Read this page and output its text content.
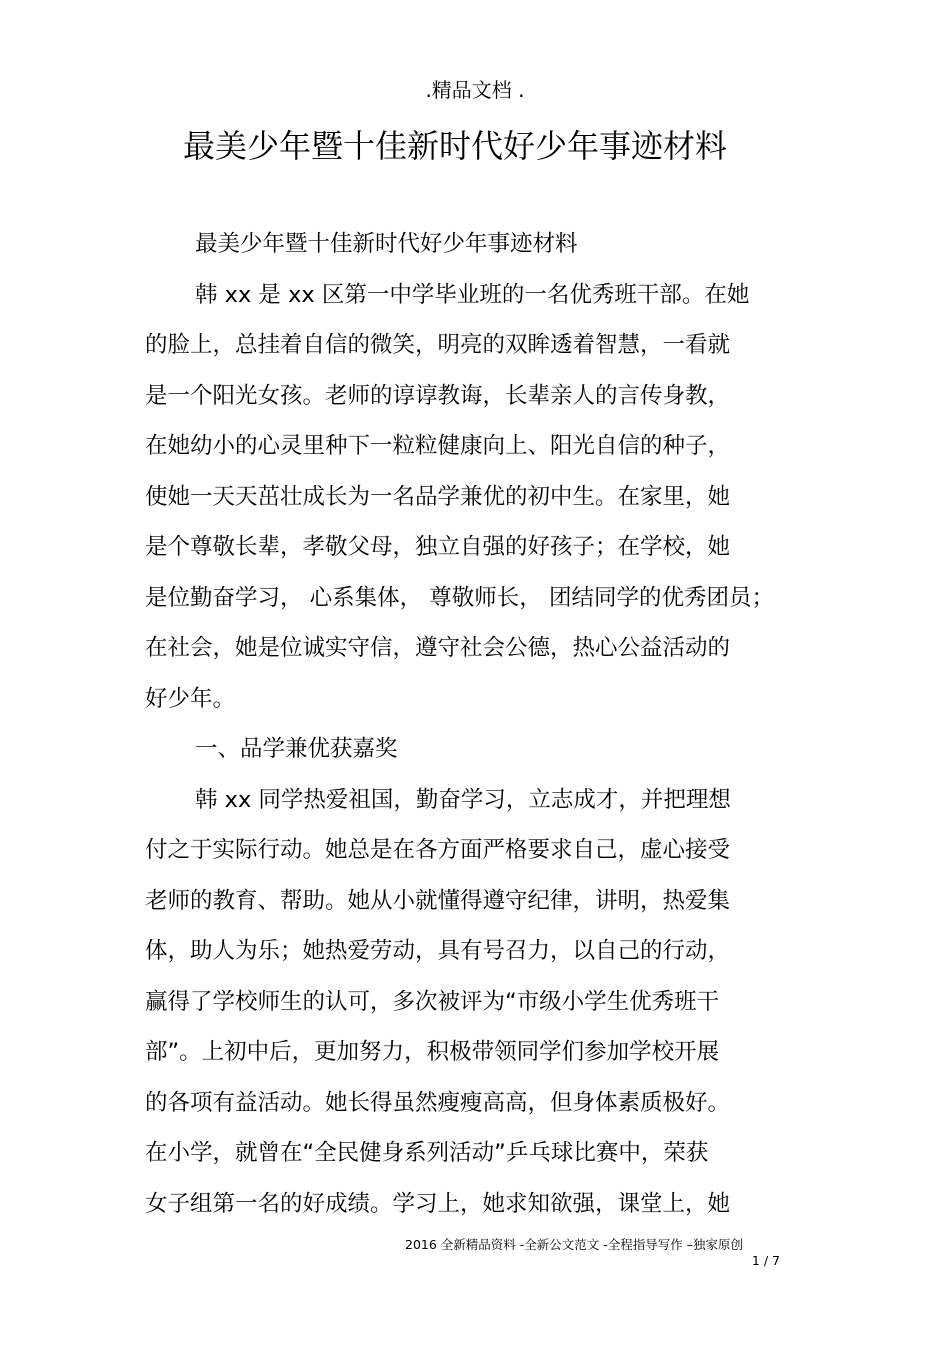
.精品文档 .
最美少年暨十佳新时代好少年事迹材料
最美少年暨十佳新时代好少年事迹材料
韩 xx 是 xx 区第一中学毕业班的一名优秀班干部。在她
的脸上，总挂着自信的微笑，明亮的双眸透着智慧，一看就
是一个阳光女孩。老师的谆谆教诲，长辈亲人的言传身教，
在她幼小的心灵里种下一粒粒健康向上、阳光自信的种子，
使她一天天茁壮成长为一名品学兼优的初中生。在家里，她
是个尊敬长辈，孝敬父母，独立自强的好孩子；在学校，她
是位勤奋学习， 心系集体， 尊敬师长， 团结同学的优秀团员；
在社会，她是位诚实守信，遵守社会公德，热心公益活动的
好少年。
一、品学兼优获嘉奖
韩 xx 同学热爱祖国，勤奋学习，立志成才，并把理想
付之于实际行动。她总是在各方面严格要求自己，虚心接受
老师的教育、帮助。她从小就懂得遵守纪律，讲明，热爱集
体，助人为乐；她热爱劳动，具有号召力，以自己的行动，
赢得了学校师生的认可，多次被评为“市级小学生优秀班干
部”。上初中后，更加努力，积极带领同学们参加学校开展
的各项有益活动。她长得虽然瘦瘦高高，但身体素质极好。
在小学，就曾在“全民健身系列活动”乒乓球比赛中，荣获
女子组第一名的好成绩。学习上，她求知欲强，课堂上，她
2016 全新精品资料 -全新公文范文 -全程指导写作 –独家原创
1 / 7
